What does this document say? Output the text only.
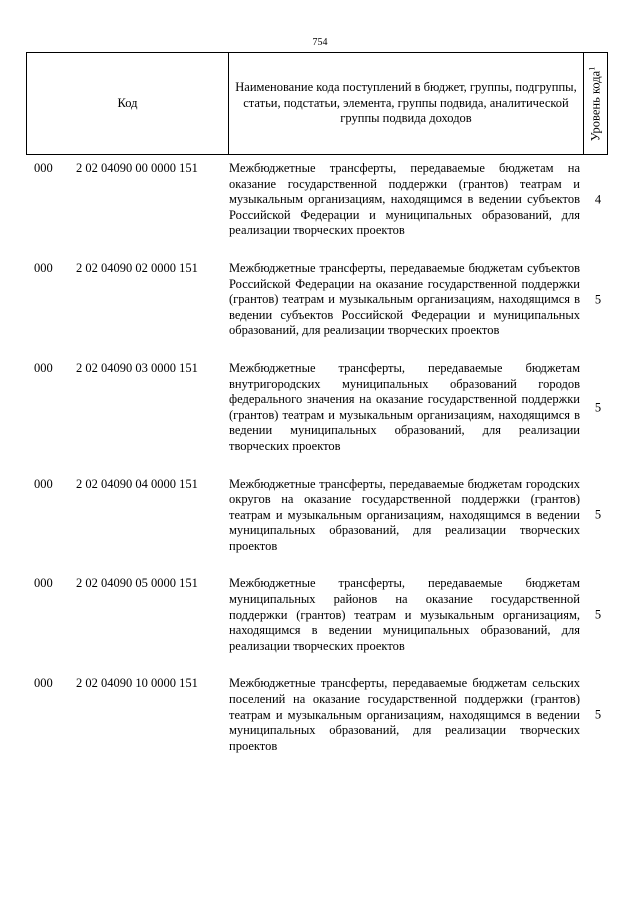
754
Код
Наименование кода поступлений в бюджет, группы, подгруппы, статьи, подстатьи, элемента, группы подвида, аналитической группы подвида доходов	Уровень кода$^1$
000 2 02 04090 00 0000 151 Межбюджетные трансферты, передаваемые бюджетам на оказание государственной поддержки (грантов) театрам и музыкальным организациям, находящимся в ведении субъектов Российской Федерации и муниципальных образований, для реализации творческих проектов
4
000 2 02 04090 02 0000 151 Межбюджетные трансферты, передаваемые бюджетам субъектов Российской Федерации на оказание государственной поддержки (грантов) театрам и музыкальным организациям, находящимся в ведении субъектов Российской Федерации и муниципальных образований, для реализации творческих проектов
5
000 2 02 04090 03 0000 151 Межбюджетные трансферты, передаваемые бюджетам внутригородских муниципальных образований городов федерального значения на оказание государственной поддержки (грантов) театрам и музыкальным организациям, находящимся в ведении муниципальных образований, для реализации творческих проектов
5
000 2 02 04090 04 0000 151 Межбюджетные трансферты, передаваемые бюджетам городских округов на оказание государственной поддержки (грантов) театрам и музыкальным организациям, находящимся в ведении муниципальных образований, для реализации творческих проектов
5
000 2 02 04090 05 0000 151 Межбюджетные трансферты, передаваемые бюджетам муниципальных районов на оказание государственной поддержки (грантов) театрам и музыкальным организациям, находящимся в ведении муниципальных образований, для реализации творческих проектов
5
000 2 02 04090 10 0000 151 Межбюджетные трансферты, передаваемые бюджетам сельских поселений на оказание государственной поддержки (грантов) театрам и музыкальным организациям, находящимся в ведении муниципальных образований, для реализации творческих проектов
5
